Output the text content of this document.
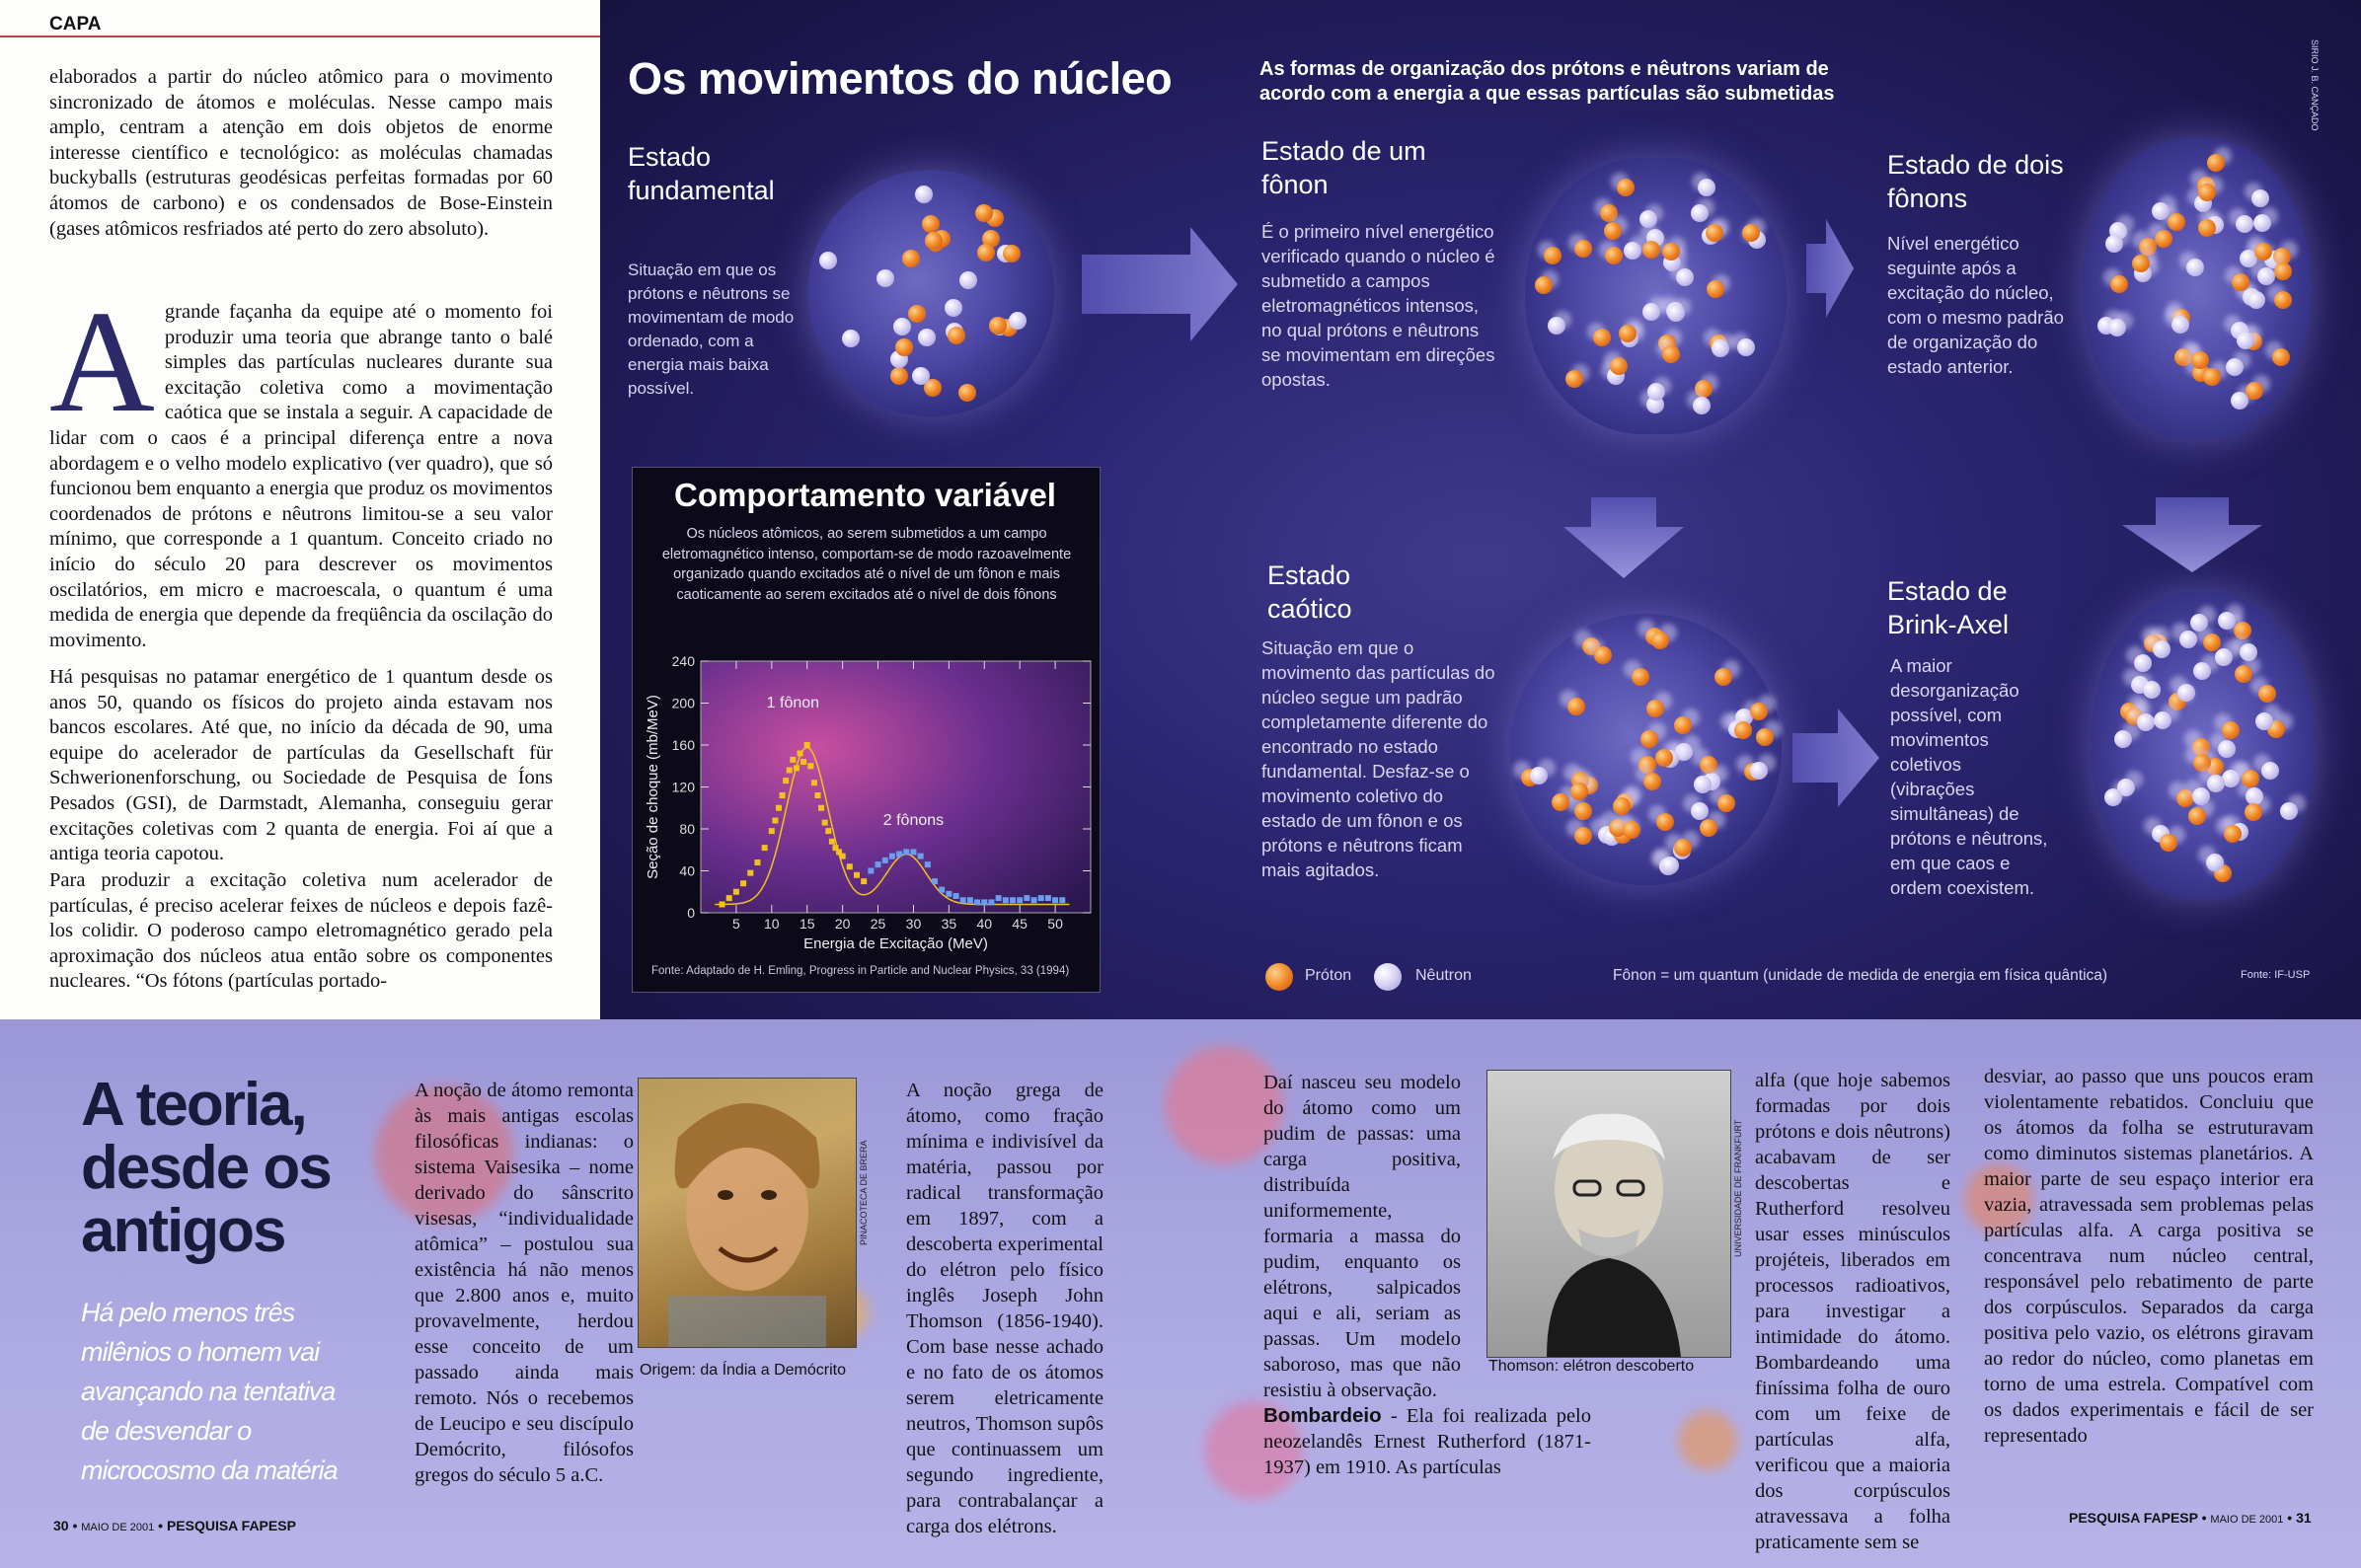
CAPA
elaborados a partir do núcleo atômico para o movimento sincronizado de átomos e moléculas. Nesse campo mais amplo, centram a atenção em dois objetos de enorme interesse científico e tecnológico: as moléculas chamadas buckyballs (estruturas geodésicas perfeitas formadas por 60 átomos de carbono) e os condensados de Bose-Einstein (gases atômicos resfriados até perto do zero absoluto).
Agrande façanha da equipe até o momento foi produzir uma teoria que abrange tanto o balé simples das partículas nucleares durante sua excitação coletiva como a movimentação caótica que se instala a seguir. A capacidade de lidar com o caos é a principal diferença entre a nova abordagem e o velho modelo explicativo (ver quadro), que só funcionou bem enquanto a energia que produz os movimentos coordenados de prótons e nêutrons limitou-se a seu valor mínimo, que corresponde a 1 quantum. Conceito criado no início do século 20 para descrever os movimentos oscilatórios, em micro e macroescala, o quantum é uma medida de energia que depende da freqüência da oscilação do movimento.
Há pesquisas no patamar energético de 1 quantum desde os anos 50, quando os físicos do projeto ainda estavam nos bancos escolares. Até que, no início da década de 90, uma equipe do acelerador de partículas da Gesellschaft für Schwerionenforschung, ou Sociedade de Pesquisa de Íons Pesados (GSI), de Darmstadt, Alemanha, conseguiu gerar excitações coletivas com 2 quanta de energia. Foi aí que a antiga teoria capotou.
Para produzir a excitação coletiva num acelerador de partículas, é preciso acelerar feixes de núcleos e depois fazê-los colidir. O poderoso campo eletromagnético gerado pela aproximação dos núcleos atua então sobre os componentes nucleares. “Os fótons (partículas portado-
Os movimentos do núcleo	As formas de organização dos prótons e nêutrons variam de acordo com a energia a que essas partículas são submetidas	SIRIO J. B. CANÇADO
Estado fundamental
Situação em que os prótons e nêutrons se movimentam de modo ordenado, com a energia mais baixa possível.
Estado de um fônon
É o primeiro nível energético verificado quando o núcleo é submetido a campos eletromagnéticos intensos, no qual prótons e nêutrons se movimentam em direções opostas.
Estado de dois fônons
Nível energético seguinte após a excitação do núcleo, com o mesmo padrão de organização do estado anterior.
Estado caótico
Situação em que o movimento das partículas do núcleo segue um padrão completamente diferente do encontrado no estado fundamental. Desfaz-se o movimento coletivo do estado de um fônon e os prótons e nêutrons ficam mais agitados.
Estado de Brink-Axel
A maior desorganização possível, com movimentos coletivos (vibrações simultâneas) de prótons e nêutrons, em que caos e ordem coexistem.
Próton	Nêutron	Fônon = um quantum (unidade de medida de energia em física quântica)	Fonte: IF-USP
Comportamento variável
Os núcleos atômicos, ao serem submetidos a um campo eletromagnético intenso, comportam-se de modo razoavelmente organizado quando excitados até o nível de um fônon e mais caoticamente ao serem excitados até o nível de dois fônons
5 10 15 20 25 30 35 40 45 50
0
40
80
120
160
200
240
Energia de Excitação (MeV)
Seção de choque (mb/MeV)	1 fônon
2 fônons
Fonte: Adaptado de H. Emling, Progress in Particle and Nuclear Physics, 33 (1994)
A teoria,
desde os
antigos
Há pelo menos três milênios o homem vai avançando na tentativa de desvendar o microcosmo da matéria
A noção de átomo remonta às mais antigas escolas filosóficas indianas: o sistema Vaisesika – nome derivado do sânscrito visesas, “individualidade atômica” – postulou sua existência há não menos que 2.800 anos e, muito provavelmente, herdou esse conceito de um passado ainda mais remoto. Nós o recebemos de Leucipo e seu discípulo Demócrito, filósofos gregos do século 5 a.C.
Origem: da Índia a Demócrito
PINACOTECA DE BRERA
A noção grega de átomo, como fração mínima e indivisível da matéria, passou por radical transformação em 1897, com a descoberta experimental do elétron pelo físico inglês Joseph John Thomson (1856-1940). Com base nesse achado e no fato de os átomos serem eletricamente neutros, Thomson supôs que continuassem um segundo ingrediente, para contrabalançar a carga dos elétrons.
Daí nasceu seu modelo do átomo como um pudim de passas: uma carga positiva, distribuída uniformemente, formaria a massa do pudim, enquanto os elétrons, salpicados aqui e ali, seriam as passas. Um modelo saboroso, mas que não resistiu à observação.
Bombardeio - Ela foi realizada pelo neozelandês Ernest Rutherford (1871-1937) em 1910. As partículas
Thomson: elétron descoberto
UNIVERSIDADE DE FRANKFURT
alfa (que hoje sabemos formadas por dois prótons e dois nêutrons) acabavam de ser descobertas e Rutherford resolveu usar esses minúsculos projéteis, liberados em processos radioativos, para investigar a intimidade do átomo. Bombardeando uma finíssima folha de ouro com um feixe de partículas alfa, verificou que a maioria dos corpúsculos atravessava a folha praticamente sem se
desviar, ao passo que uns poucos eram violentamente rebatidos. Concluiu que os átomos da folha se estruturavam como diminutos sistemas planetários. A maior parte de seu espaço interior era vazia, atravessada sem problemas pelas partículas alfa. A carga positiva se concentrava num núcleo central, responsável pelo rebatimento de parte dos corpúsculos. Separados da carga positiva pelo vazio, os elétrons giravam ao redor do núcleo, como planetas em torno de uma estrela. Compatível com os dados experimentais e fácil de ser representado
30 • MAIO DE 2001 • PESQUISA FAPESP	PESQUISA FAPESP • MAIO DE 2001 • 31
